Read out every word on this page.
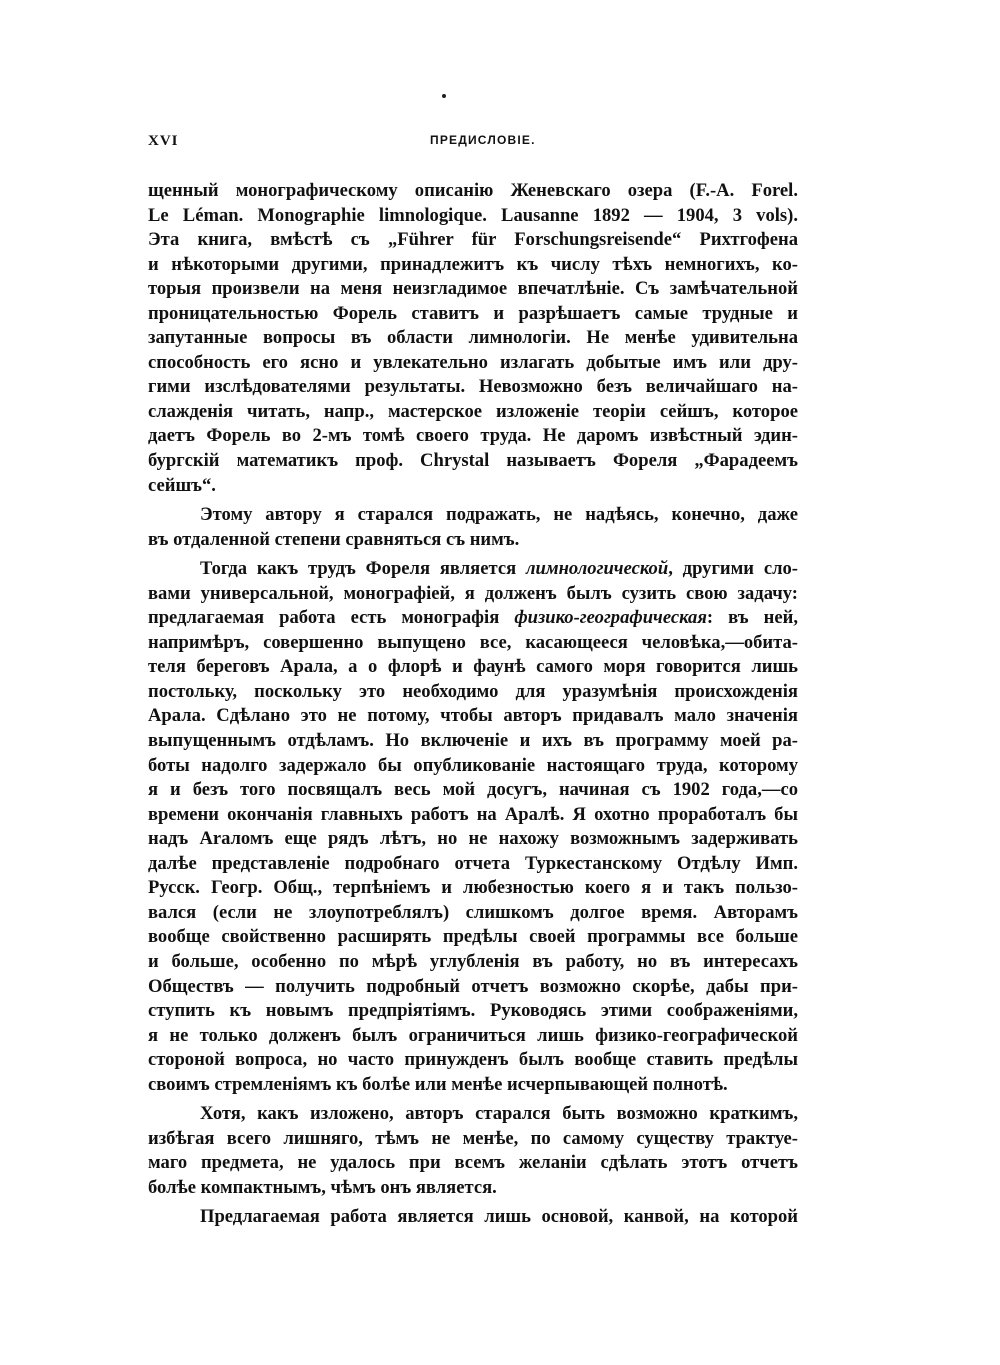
XVI	ПРЕДИСЛОВІЕ.
щенный монографическому описанію Женевскаго озера (F.-A. Forel.
Le Léman. Monographie limnologique. Lausanne 1892 — 1904, 3 vols).
Эта книга, вмѣстѣ съ „Führer für Forschungsreisende“ Рихтгофена
и нѣкоторыми другими, принадлежитъ къ числу тѣхъ немногихъ, ко-
торыя произвели на меня неизгладимое впечатлѣніе. Съ замѣчательной
проницательностью Форель ставитъ и разрѣшаетъ самые трудные и
запутанные вопросы въ области лимнологіи. Не менѣе удивительна
способность его ясно и увлекательно излагать добытые имъ или дру-
гими изслѣдователями результаты. Невозможно безъ величайшаго на-
слажденія читать, напр., мастерское изложеніе теоріи сейшъ, которое
даетъ Форель во 2-мъ томѣ своего труда. Не даромъ извѣстный эдин-
бургскій математикъ проф. Chrystal называетъ Фореля „Фарадеемъ
сейшъ“.
Этому автору я старался подражать, не надѣясь, конечно, даже
въ отдаленной степени сравняться съ нимъ.
Тогда какъ трудъ Фореля является лимнологической, другими сло-
вами универсальной, монографіей, я долженъ былъ сузить свою задачу:
предлагаемая работа есть монографія физико-географическая: въ ней,
напримѣръ, совершенно выпущено все, касающееся человѣка,—обита-
теля береговъ Арала, а о флорѣ и фаунѣ самого моря говорится лишь
постольку, поскольку это необходимо для уразумѣнія происхожденія
Арала. Сдѣлано это не потому, чтобы авторъ придавалъ мало значенія
выпущеннымъ отдѣламъ. Но включеніе и ихъ въ программу моей ра-
боты надолго задержало бы опубликованіе настоящаго труда, которому
я и безъ того посвящалъ весь мой досугъ, начиная съ 1902 года,—со
времени окончанія главныхъ работъ на Аралѣ. Я охотно проработалъ бы
надъ Araломъ еще рядъ лѣтъ, но не нахожу возможнымъ задерживать
далѣе представленіе подробнаго отчета Туркестанскому Отдѣлу Имп.
Русск. Геогр. Общ., терпѣніемъ и любезностью коего я и такъ пользо-
вался (если не злоупотреблялъ) слишкомъ долгое время. Авторамъ
вообще свойственно расширять предѣлы своей программы все больше
и больше, особенно по мѣрѣ углубленія въ работу, но въ интересахъ
Обществъ — получить подробный отчетъ возможно скорѣе, дабы при-
ступить къ новымъ предпріятіямъ. Руководясь этими соображеніями,
я не только долженъ былъ ограничиться лишь физико-географической
стороной вопроса, но часто принужденъ былъ вообще ставить предѣлы
своимъ стремленіямъ къ болѣе или менѣе исчерпывающей полнотѣ.
Хотя, какъ изложено, авторъ старался быть возможно краткимъ,
избѣгая всего лишняго, тѣмъ не менѣе, по самому существу трактуе-
маго предмета, не удалось при всемъ желаніи сдѣлать этотъ отчетъ
болѣе компактнымъ, чѣмъ онъ является.
Предлагаемая работа является лишь основой, канвой, на которой
